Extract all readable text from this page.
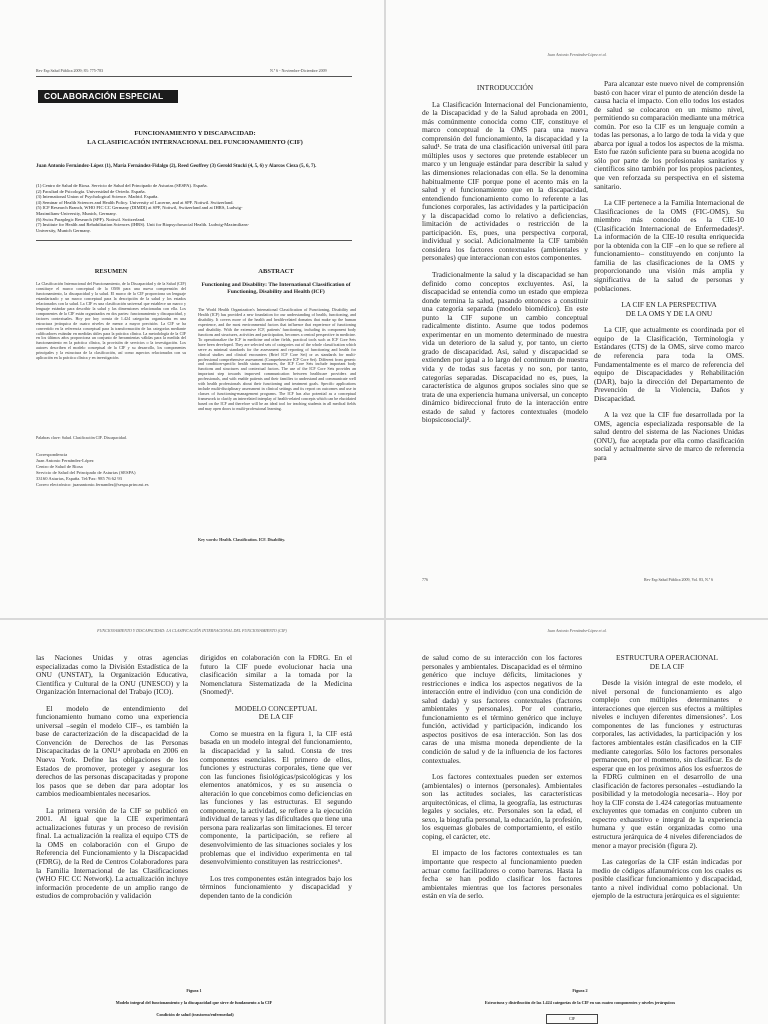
Rev Esp Salud Pública 2009; 83: 775-783	N.º 6 - Noviembre-Diciembre 2009
COLABORACIÓN ESPECIAL
FUNCIONAMIENTO Y DISCAPACIDAD:
LA CLASIFICACIÓN INTERNACIONAL DEL FUNCIONAMIENTO (CIF)
Juan Antonio Fernández-López (1), María Fernández-Fidalgo (2), Reed Geoffrey (3) Gerold Stucki (4, 5, 6) y Alarcos Cieza (5, 6, 7).
(1) Centro de Salud de Riosa. Servicio de Salud del Principado de Asturias (SESPA). España.
(2) Facultad de Psicología. Universidad de Oviedo. España.
(3) International Union of Psychological Science. Madrid. España.
(4) Seminar of Health Sciences and Health Policy. University of Lucerne, and at SPF. Nottwil. Switzerland.
(5) ICF Research Branch, WHO FIC CC Germany (DIMDI) at SPF, Nottwil, Switzerland and at IHRS, Ludwig-
Maximilians-University, Munich, Germany.
(6) Swiss Paraplegic Research (SPF). Nottwil. Switzerland.
(7) Institute for Health and Rehabilitation Sciences (IHRS). Unit for Biopsychosocial Health. Ludwig-Maximilians-
University, Munich Germany.
RESUMEN
La Clasificación Internacional del Funcionamiento, de la Discapacidad y de la Salud (CIF) constituye el marco conceptual de la OMS para una nueva comprensión del funcionamiento, la discapacidad y la salud. El marco de la CIF proporciona un lenguaje estandarizado y un marco conceptual para la descripción de la salud y los estados relacionados con la salud. La CIF es una clasificación universal que establece un marco y lenguaje estándar para describir la salud y las dimensiones relacionadas con ella. Los componentes de la CIF están organizados en dos partes: funcionamiento y discapacidad, y factores contextuales. Hoy por hoy consta de 1.424 categorías organizadas en una estructura jerárquica de cuatro niveles de menor a mayor precisión. La CIF se ha convertido en la referencia conceptual para la transformación de las categorías mediante calificadores estándar en medidas útiles para la práctica clínica. La metodología de la CIF en los últimos años proporciona un conjunto de herramientas válidas para la medida del funcionamiento en la práctica clínica, la provisión de servicios o la investigación. Los autores describen el modelo conceptual de la CIF y su desarrollo, los componentes principales y la estructura de la clasificación, así como aspectos relacionados con su aplicación en la práctica clínica y en investigación.
Palabras clave: Salud. Clasificación CIF. Discapacidad.
Correspondencia
Juan Antonio Fernández-López
Centro de Salud de Riosa
Servicio de Salud del Principado de Asturias (SESPA)
33160 Asturias, España. Tel/Fax: 985 76 62 93
Correo electrónico: juanantonio.fernandez@sespa.princast.es
ABSTRACT
Functioning and Disability: The International Classification of Functioning, Disability and Health (ICF)
The World Health Organization's International Classification of Functioning, Disability and Health (ICF) has provided a new foundation for our understanding of health, functioning, and disability. It covers more of the health and health-related domains that make up the human experience, and the most environmental factors that influence that experience of functioning and disability. With the extensive ICF, patients' functioning, including its component body functions and structures, activities and participation, becomes a central perspective in medicine. To operationalize the ICF in medicine and other fields, practical tools such as ICF Core Sets have been developed. They are selected sets of categories out of the whole classification which serve as minimal standards for the assessment and reporting of functioning and health for clinical studies and clinical encounters (Brief ICF Core Set) or as standards for multi-professional comprehensive assessment (Comprehensive ICF Core Set). Different from generic and condition-specific health status measures, the ICF Core Sets include important body functions and structures and contextual factors. The use of the ICF Core Sets provides an important step towards improved communication between healthcare providers and professionals, and with enable patients and their families to understand and communicate well with health professionals about their functioning and treatment goals. Specific applications include multi-disciplinary assessment in clinical settings and its report on outcomes and use in classes of functioning-management programs. The ICF has also potential as a conceptual framework to clarify an interrelated interplay of health-related concepts which can be elucidated based on the ICF and therefore will be an ideal tool for teaching students in all medical fields and may open doors to multi-professional learning.
Key words: Health. Classification. ICF. Disability.
Juan Antonio Fernández-López et al.
INTRODUCCIÓN

La Clasificación Internacional del Funcionamiento, de la Discapacidad y de la Salud aprobada en 2001, más comúnmente conocida como CIF, constituye el marco conceptual de la OMS para una nueva comprensión del funcionamiento, la discapacidad y la salud¹. Se trata de una clasificación universal útil para múltiples usos y sectores que pretende establecer un marco y un lenguaje estándar para describir la salud y las dimensiones relacionadas con ella. Se la denomina habitualmente CIF porque pone el acento más en la salud y el funcionamiento que en la discapacidad, entendiendo funcionamiento como lo referente a las funciones corporales, las actividades y la participación y la discapacidad como lo relativo a deficiencias, limitación de actividades o restricción de la participación. Es, pues, una perspectiva corporal, individual y social. Adicionalmente la CIF también considera los factores contextuales (ambientales y personales) que interaccionan con estos componentes.

Tradicionalmente la salud y la discapacidad se han definido como conceptos excluyentes. Así, la discapacidad se entendía como un estado que empieza donde termina la salud, pasando entonces a constituir una categoría separada (modelo biomédico). En este punto la CIF supone un cambio conceptual radicalmente distinto. Asume que todos podemos experimentar en un momento determinado de nuestra vida un deterioro de la salud y, por tanto, un cierto grado de discapacidad. Así, salud y discapacidad se extienden por igual a lo largo del continuum de nuestra vida y de todas sus facetas y no son, por tanto, categorías separadas. Discapacidad no es, pues, la característica de algunos grupos sociales sino que se trata de una experiencia humana universal, un concepto dinámico bidireccional fruto de la interacción entre estado de salud y factores contextuales (modelo biopsicosocial)².

Para alcanzar este nuevo nivel de comprensión bastó con hacer virar el punto de atención desde la causa hacia el impacto. Con ello todos los estados de salud se colocaron en un mismo nivel, permitiendo su comparación mediante una métrica común. Por eso la CIF es un lenguaje común a todas las personas, a lo largo de toda la vida y que abarca por igual a todos los aspectos de la misma. Esto fue razón suficiente para su buena acogida no sólo por parte de los profesionales sanitarios y científicos sino también por los propios pacientes, que ven reforzada su perspectiva en el sistema sanitario.

La CIF pertenece a la Familia Internacional de Clasificaciones de la OMS (FIC-OMS). Su miembro más conocido es la CIE-10 (Clasificación Internacional de Enfermedades)³. La información de la CIE-10 resulta enriquecida por la obtenida con la CIF –en lo que se refiere al funcionamiento– constituyendo en conjunto la familia de las clasificaciones de la OMS y proporcionando una visión más amplia y significativa de la salud de personas y poblaciones.

LA CIF EN LA PERSPECTIVA
DE LA OMS Y DE LA ONU

La CIF, que actualmente es coordinada por el equipo de la Clasificación, Terminología y Estándares (CTS) de la OMS, sirve como marco de referencia para toda la OMS. Fundamentalmente es el marco de referencia del equipo de Discapacidades y Rehabilitación (DAR), bajo la dirección del Departamento de Prevención de la Violencia, Daños y Discapacidad.

A la vez que la CIF fue desarrollada por la OMS, agencia especializada responsable de la salud dentro del sistema de las Naciones Unidas (ONU), fue aceptada por ella como clasificación social y actualmente sirve de marco de referencia para

776	Rev Esp Salud Pública 2009, Vol. 83, N.º 6
FUNCIONAMIENTO Y DISCAPACIDAD: LA CLASIFICACIÓN INTERNACIONAL DEL FUNCIONAMIENTO (CIF)

las Naciones Unidas y otras agencias especializadas como la División Estadística de la ONU (UNSTAT), la Organización Educativa, Científica y Cultural de la ONU (UNESCO) y la Organización Internacional del Trabajo (ICO).

El modelo de entendimiento del funcionamiento humano como una experiencia universal –según el modelo CIF–, es también la base de caracterización de la discapacidad de la Convención de Derechos de las Personas Discapacitadas de la ONU⁴ aprobada en 2006 en Nueva York. Define las obligaciones de los Estados de promover, proteger y asegurar los derechos de las personas discapacitadas y propone los pasos que se deben dar para adoptar los cambios medioambientales necesarios.

La primera versión de la CIF se publicó en 2001. Al igual que la CIE experimentará actualizaciones futuras y un proceso de revisión final. La actualización la realiza el equipo CTS de la OMS en colaboración con el Grupo de Referencia del Funcionamiento y la Discapacidad (FDRG), de la Red de Centros Colaboradores para la Familia Internacional de las Clasificaciones (WHO FIC CC Network). La actualización incluye información procedente de un amplio rango de estudios de comprobación y validación

dirigidos en colaboración con la FDRG. En el futuro la CIF puede evolucionar hacia una clasificación similar a la tomada por la Nomenclatura Sistematizada de la Medicina (Snomed)⁵.

MODELO CONCEPTUAL
DE LA CIF

Como se muestra en la figura 1, la CIF está basada en un modelo integral del funcionamiento, la discapacidad y la salud. Consta de tres componentes esenciales. El primero de ellos, funciones y estructuras corporales, tiene que ver con las funciones fisiológicas/psicológicas y los elementos anatómicos, y es su ausencia o alteración lo que concebimos como deficiencias en las funciones y las estructuras. El segundo componente, la actividad, se refiere a la ejecución individual de tareas y las dificultades que tiene una persona para realizarlas son limitaciones. El tercer componente, la participación, se refiere al desenvolvimiento de las situaciones sociales y los problemas que el individuo experimenta en tal desenvolvimiento constituyen las restricciones⁶.

Los tres componentes están integrados bajo los términos funcionamiento y discapacidad y dependen tanto de la condición

Figura 1
Modelo integral del funcionamiento y la discapacidad que sirve de fundamento a la CIF
Condición de salud (trastorno/enfermedad)
Juan Antonio Fernández-López et al.

de salud como de su interacción con los factores personales y ambientales. Discapacidad es el término genérico que incluye déficits, limitaciones y restricciones e indica los aspectos negativos de la interacción entre el individuo (con una condición de salud dada) y sus factores contextuales (factores ambientales y personales). Por el contrario, funcionamiento es el término genérico que incluye función, actividad y participación, indicando los aspectos positivos de esa interacción. Son las dos caras de una misma moneda dependiente de la condición de salud y de la influencia de los factores contextuales.

Los factores contextuales pueden ser externos (ambientales) o internos (personales). Ambientales son las actitudes sociales, las características arquitectónicas, el clima, la geografía, las estructuras legales y sociales, etc. Personales son la edad, el sexo, la biografía personal, la educación, la profesión, los esquemas globales de comportamiento, el estilo coping, el carácter, etc.

El impacto de los factores contextuales es tan importante que respecto al funcionamiento pueden actuar como facilitadores o como barreras. Hasta la fecha se han podido clasificar los factores ambientales mientras que los factores personales están en vía de serlo.

ESTRUCTURA OPERACIONAL
DE LA CIF

Desde la visión integral de este modelo, el nivel personal de funcionamiento es algo complejo con múltiples determinantes e interacciones que ejercen sus efectos a múltiples niveles e incluyen diferentes dimensiones⁷. Los componentes de las funciones y estructuras corporales, las actividades, la participación y los factores ambientales están clasificados en la CIF mediante categorías. Sólo los factores personales permanecen, por el momento, sin clasificar. Es de esperar que en los próximos años los esfuerzos de la FDRG culminen en el desarrollo de una clasificación de factores personales –estudiando la posibilidad y la metodología necesaria–. Hoy por hoy la CIF consta de 1.424 categorías mutuamente excluyentes que tomadas en conjunto cubren un espectro exhaustivo e integral de la experiencia humana y que están organizadas como una estructura jerárquica de 4 niveles diferenciados de menor a mayor precisión (figura 2).

Las categorías de la CIF están indicadas por medio de códigos alfanuméricos con los cuales es posible clasificar funcionamiento y discapacidad, tanto a nivel individual como poblacional. Un ejemplo de la estructura jerárquica es el siguiente:

Figura 2
Estructura y distribución de las 1.424 categorías de la CIF en sus cuatro componentes y niveles jerárquicos
CIF
